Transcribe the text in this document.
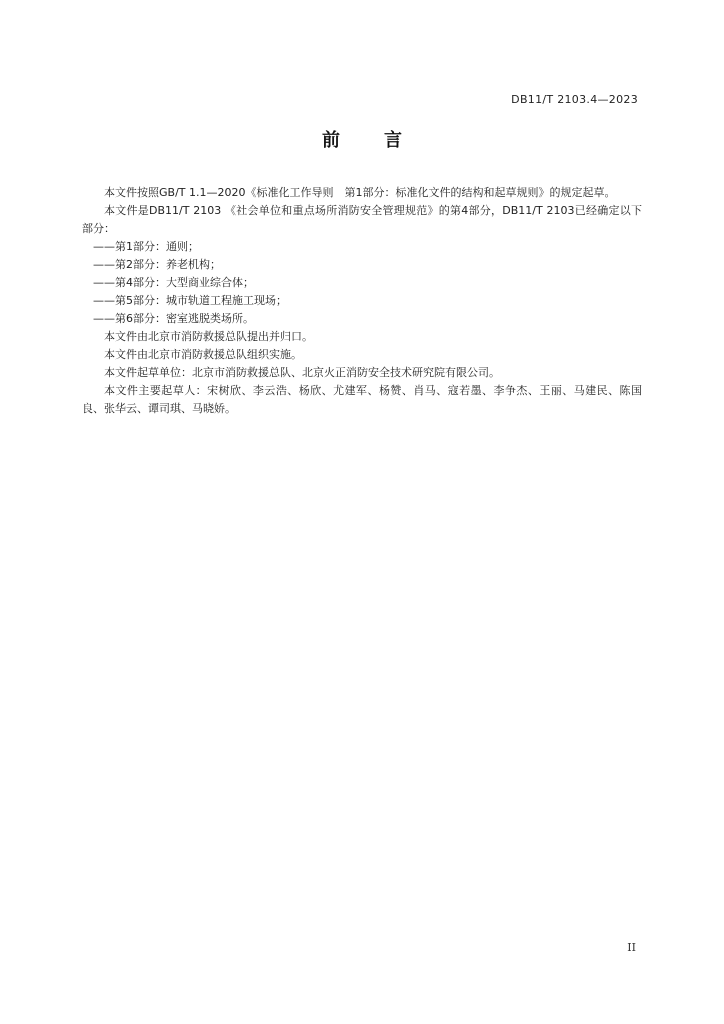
DB11/T 2103.4—2023
前 言

本文件按照GB/T 1.1—2020《标准化工作导则　第1部分：标准化文件的结构和起草规则》的规定起草。

本文件是DB11/T 2103 《社会单位和重点场所消防安全管理规范》的第4部分，DB11/T 2103已经确定以下部分：

——第1部分：通则；

——第2部分：养老机构；

——第4部分：大型商业综合体；

——第5部分：城市轨道工程施工现场；

——第6部分：密室逃脱类场所。

本文件由北京市消防救援总队提出并归口。

本文件由北京市消防救援总队组织实施。

本文件起草单位：北京市消防救援总队、北京火正消防安全技术研究院有限公司。

本文件主要起草人：宋树欣、李云浩、杨欣、尤建军、杨赞、肖马、寇若墨、李争杰、王丽、马建民、陈国良、张华云、谭司琪、马晓娇。

II
